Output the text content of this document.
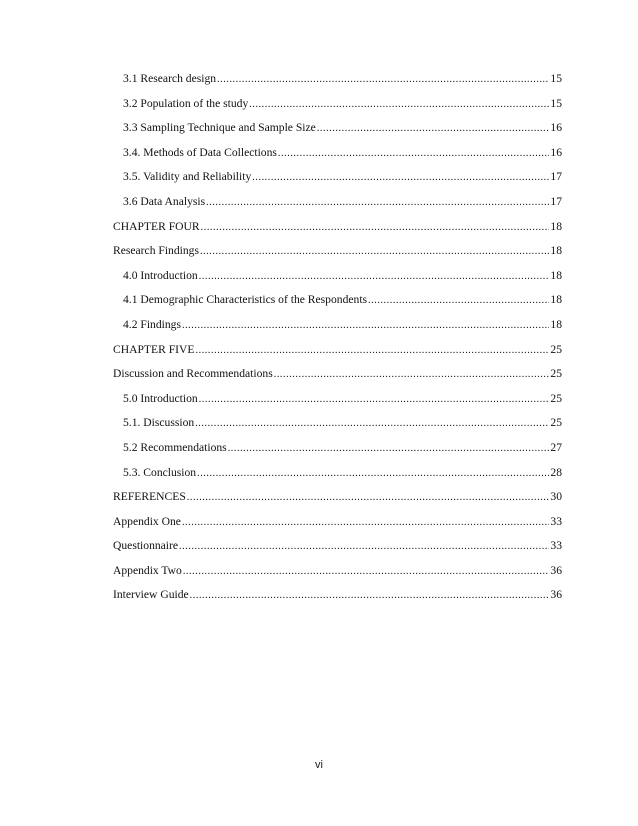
3.1 Research design .....	15
3.2 Population of the study .....	15
3.3 Sampling Technique and Sample Size .....	16
3.4. Methods of Data Collections .....	16
3.5. Validity and Reliability .....	17
3.6 Data Analysis .....	17
CHAPTER FOUR .....	18
Research Findings .....	18
4.0 Introduction .....	18
4.1 Demographic Characteristics of the Respondents .....	18
4.2 Findings .....	18
CHAPTER FIVE .....	25
Discussion and Recommendations .....	25
5.0 Introduction .....	25
5.1. Discussion .....	25
5.2 Recommendations .....	27
5.3. Conclusion .....	28
REFERENCES .....	30
Appendix One .....	33
Questionnaire .....	33
Appendix Two .....	36
Interview Guide .....	36
vi
